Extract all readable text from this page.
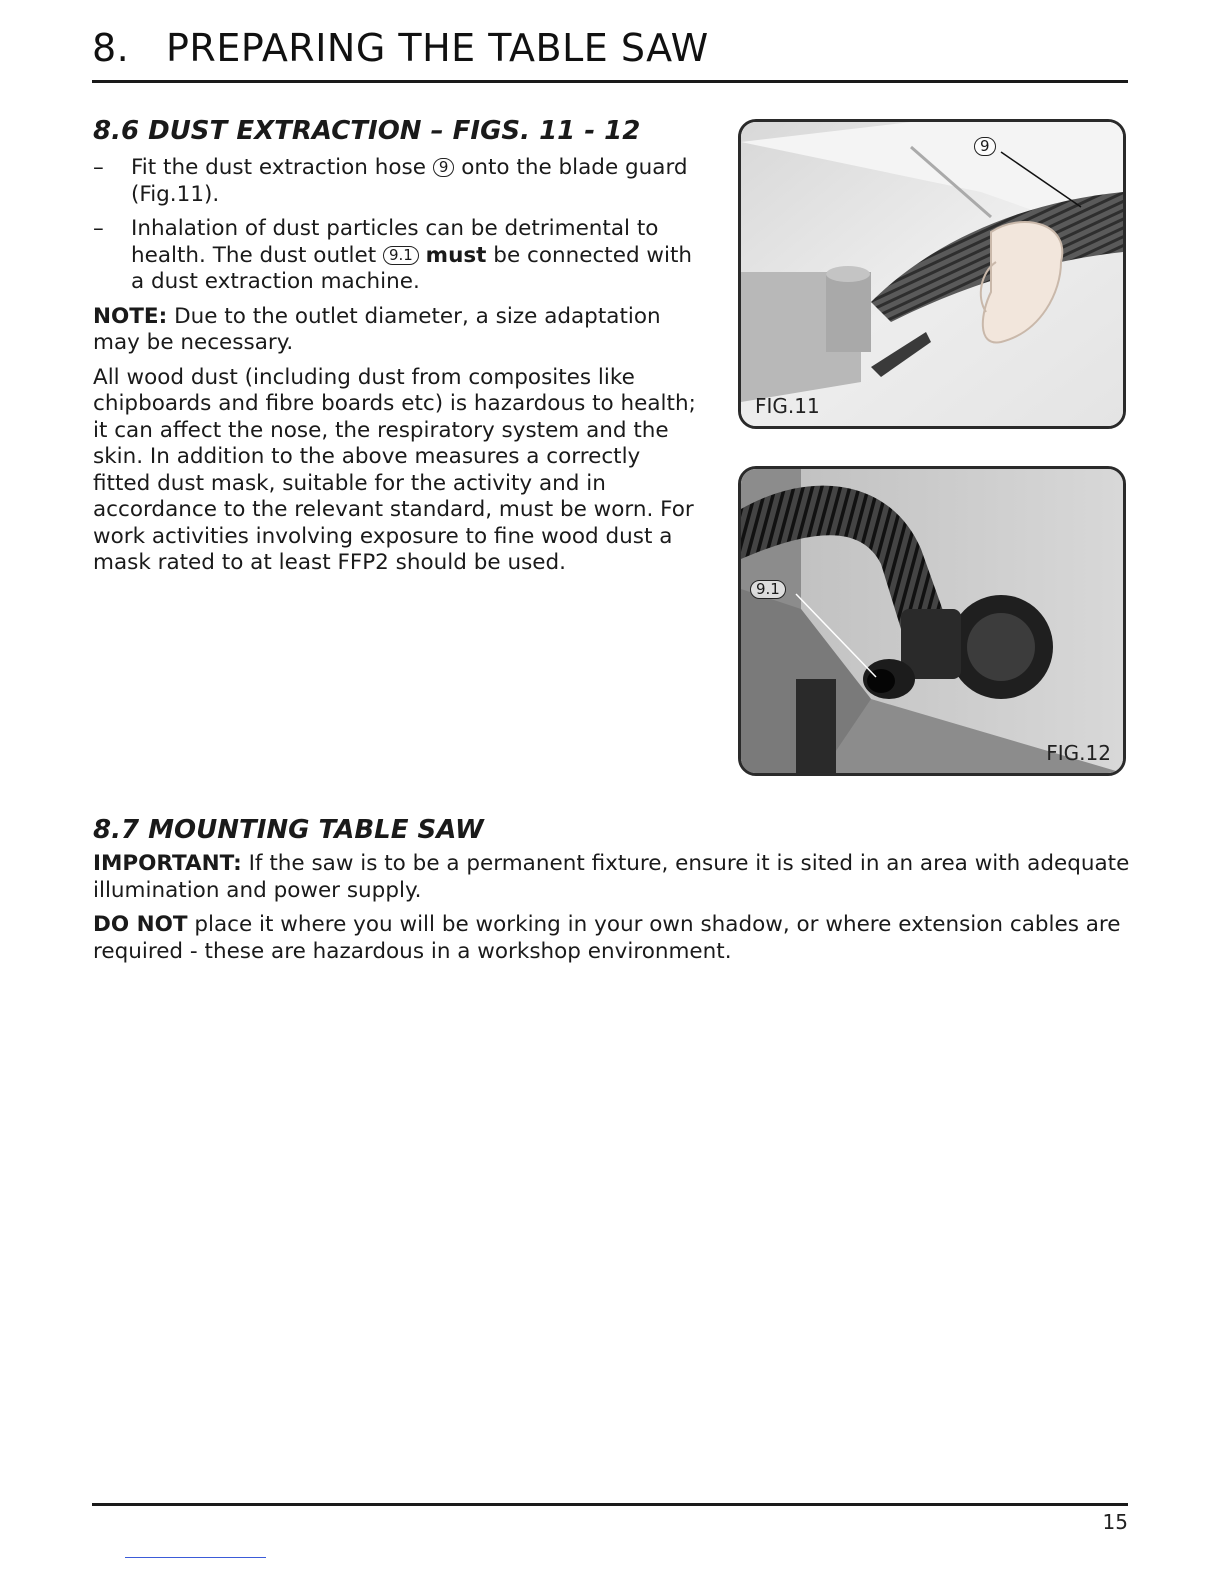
8. PREPARING THE TABLE SAW
8.6 DUST EXTRACTION – FIGS. 11 - 12
–	Fit the dust extraction hose 9 onto the blade guard (Fig.11).
–	Inhalation of dust particles can be detrimental to health. The dust outlet 9.1 must be connected with a dust extraction machine.

NOTE: Due to the outlet diameter, a size adaptation may be necessary.

All wood dust (including dust from composites like chipboards and fibre boards etc) is hazardous to health; it can affect the nose, the respiratory system and the skin. In addition to the above measures a correctly fitted dust mask, suitable for the activity and in accordance to the relevant standard, must be worn. For work activities involving exposure to fine wood dust a mask rated to at least FFP2 should be used.

9
FIG.11
9.1
FIG.12
8.7 MOUNTING TABLE SAW

IMPORTANT: If the saw is to be a permanent fixture, ensure it is sited in an area with adequate illumination and power supply.

DO NOT place it where you will be working in your own shadow, or where extension cables are required - these are hazardous in a workshop environment.

15
